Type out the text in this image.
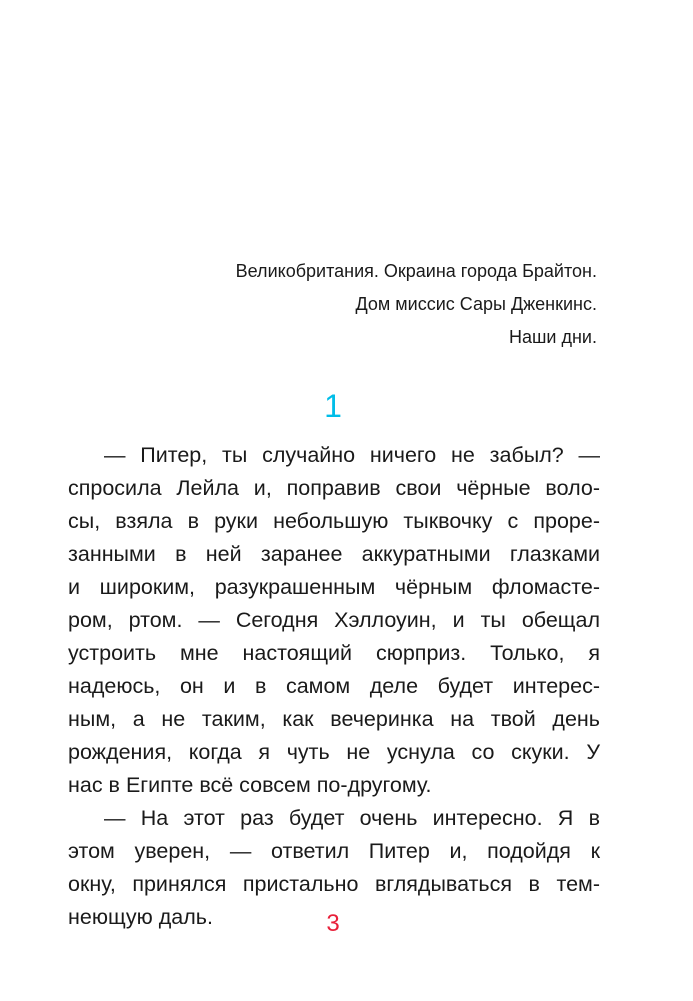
Великобритания. Окраина города Брайтон.
Дом миссис Сары Дженкинс.
Наши дни.
1
— Питер, ты случайно ничего не забыл? —
спросила Лейла и, поправив свои чёрные воло-
сы, взяла в руки небольшую тыквочку с проре-
занными в ней заранее аккуратными глазками
и широким, разукрашенным чёрным фломасте-
ром, ртом. — Сегодня Хэллоуин, и ты обещал
устроить мне настоящий сюрприз. Только, я
надеюсь, он и в самом деле будет интерес-
ным, а не таким, как вечеринка на твой день
рождения, когда я чуть не уснула со скуки. У
нас в Египте всё совсем по-другому.
— На этот раз будет очень интересно. Я в
этом уверен, — ответил Питер и, подойдя к
окну, принялся пристально вглядываться в тем-
неющую даль.	3
